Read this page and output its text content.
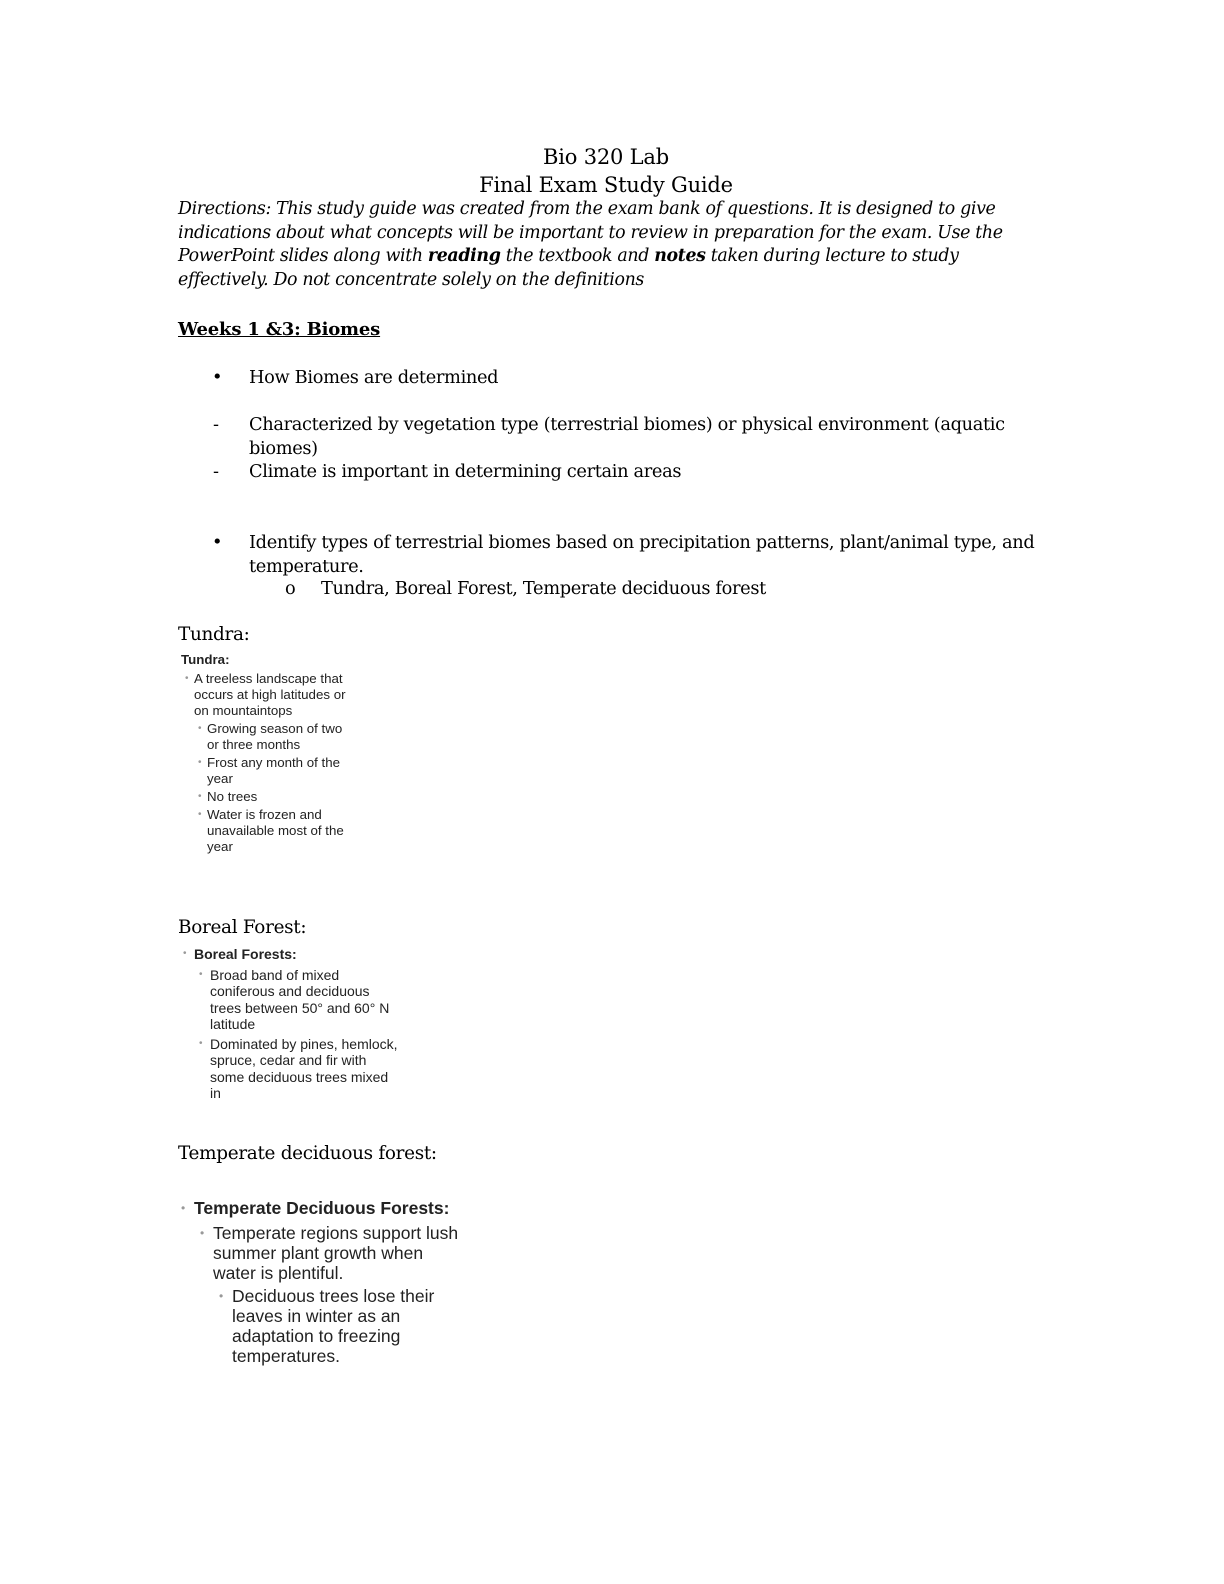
Bio 320 Lab
Final Exam Study Guide
Directions: This study guide was created from the exam bank of questions. It is designed to give indications about what concepts will be important to review in preparation for the exam. Use the PowerPoint slides along with reading the textbook and notes taken during lecture to study effectively. Do not concentrate solely on the definitions
Weeks 1 &3: Biomes
• How Biomes are determined
- Characterized by vegetation type (terrestrial biomes) or physical environment (aquatic biomes)
- Climate is important in determining certain areas
• Identify types of terrestrial biomes based on precipitation patterns, plant/animal type, and temperature.
o Tundra, Boreal Forest, Temperate deciduous forest
Tundra:
Tundra:
• A treeless landscape that
occurs at high latitudes or
on mountaintops
• Growing season of two
or three months
• Frost any month of the
year
• No trees
• Water is frozen and
unavailable most of the
year
Boreal Forest:
• Boreal Forests:
• Broad band of mixed
coniferous and deciduous
trees between 50° and 60° N
latitude
• Dominated by pines, hemlock,
spruce, cedar and fir with
some deciduous trees mixed
in
Temperate deciduous forest:
• Temperate Deciduous Forests:
• Temperate regions support lush
summer plant growth when
water is plentiful.
• Deciduous trees lose their
leaves in winter as an
adaptation to freezing
temperatures.
